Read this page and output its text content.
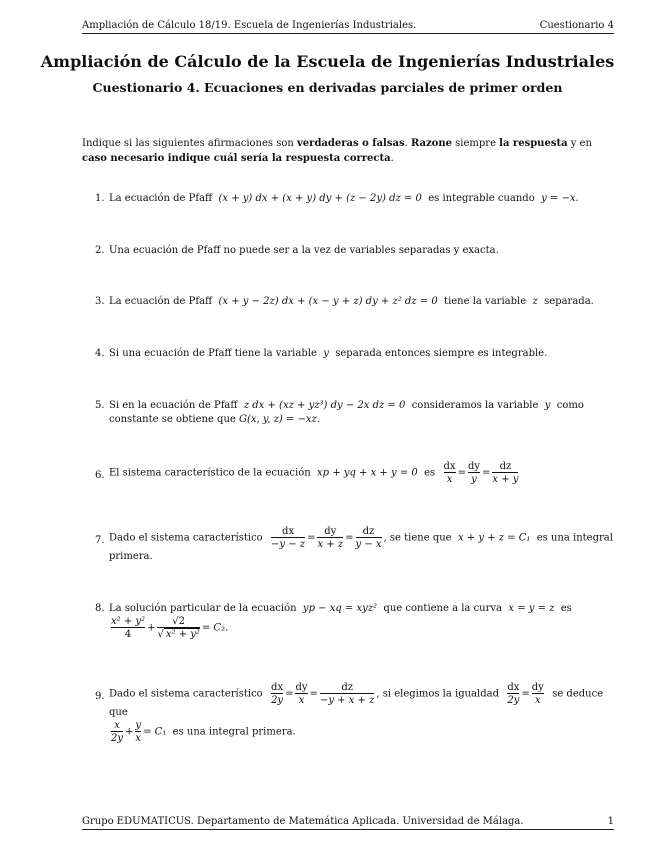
Ampliación de Cálculo 18/19. Escuela de Ingenierías Industriales.	Cuestionario 4
Ampliación de Cálculo de la Escuela de Ingenierías Industriales
Cuestionario 4. Ecuaciones en derivadas parciales de primer orden
Indique si las siguientes afirmaciones son verdaderas o falsas. Razone siempre la respuesta y en caso necesario indique cuál sería la respuesta correcta.
1. La ecuación de Pfaff (x + y) dx + (x + y) dy + (z − 2y) dz = 0 es integrable cuando y = −x.
2. Una ecuación de Pfaff no puede ser a la vez de variables separadas y exacta.
3. La ecuación de Pfaff (x + y − 2z) dx + (x − y + z) dy + z² dz = 0 tiene la variable z separada.
4. Si una ecuación de Pfaff tiene la variable y separada entonces siempre es integrable.
5. Si en la ecuación de Pfaff z dx + (xz + yz³) dy − 2x dz = 0 consideramos la variable y como constante se obtiene que G(x, y, z) = −xz.
6. El sistema característico de la ecuación xp + yq + x + y = 0 es $\frac{dx}{x} = \frac{dy}{y} = \frac{dz}{x + y}$
7. Dado el sistema característico $\frac{dx}{-y - z} = \frac{dy}{x + z} = \frac{dz}{y - x}$ , se tiene que x + y + z = C₁ es una integral primera.
8. La solución particular de la ecuación yp − xq = xyz² que contiene a la curva x = y = z es

$\frac{\text{x² + y²}}{4} + \frac{√2}{\text{√ x² + y²}} = C_2$.
9. Dado el sistema característico $\frac{dx}{2y} = \frac{dy}{x} = \frac{dz}{-y + x + z}$ , si elegimos la igualdad $\frac{dx}{2y} = \frac{dy}{x}$ se deduce que

$\frac{x}{2y} + \frac{y}{x} = C_1$  es una integral primera.
Grupo EDUMATICUS. Departamento de Matemática Aplicada. Universidad de Málaga.	1
